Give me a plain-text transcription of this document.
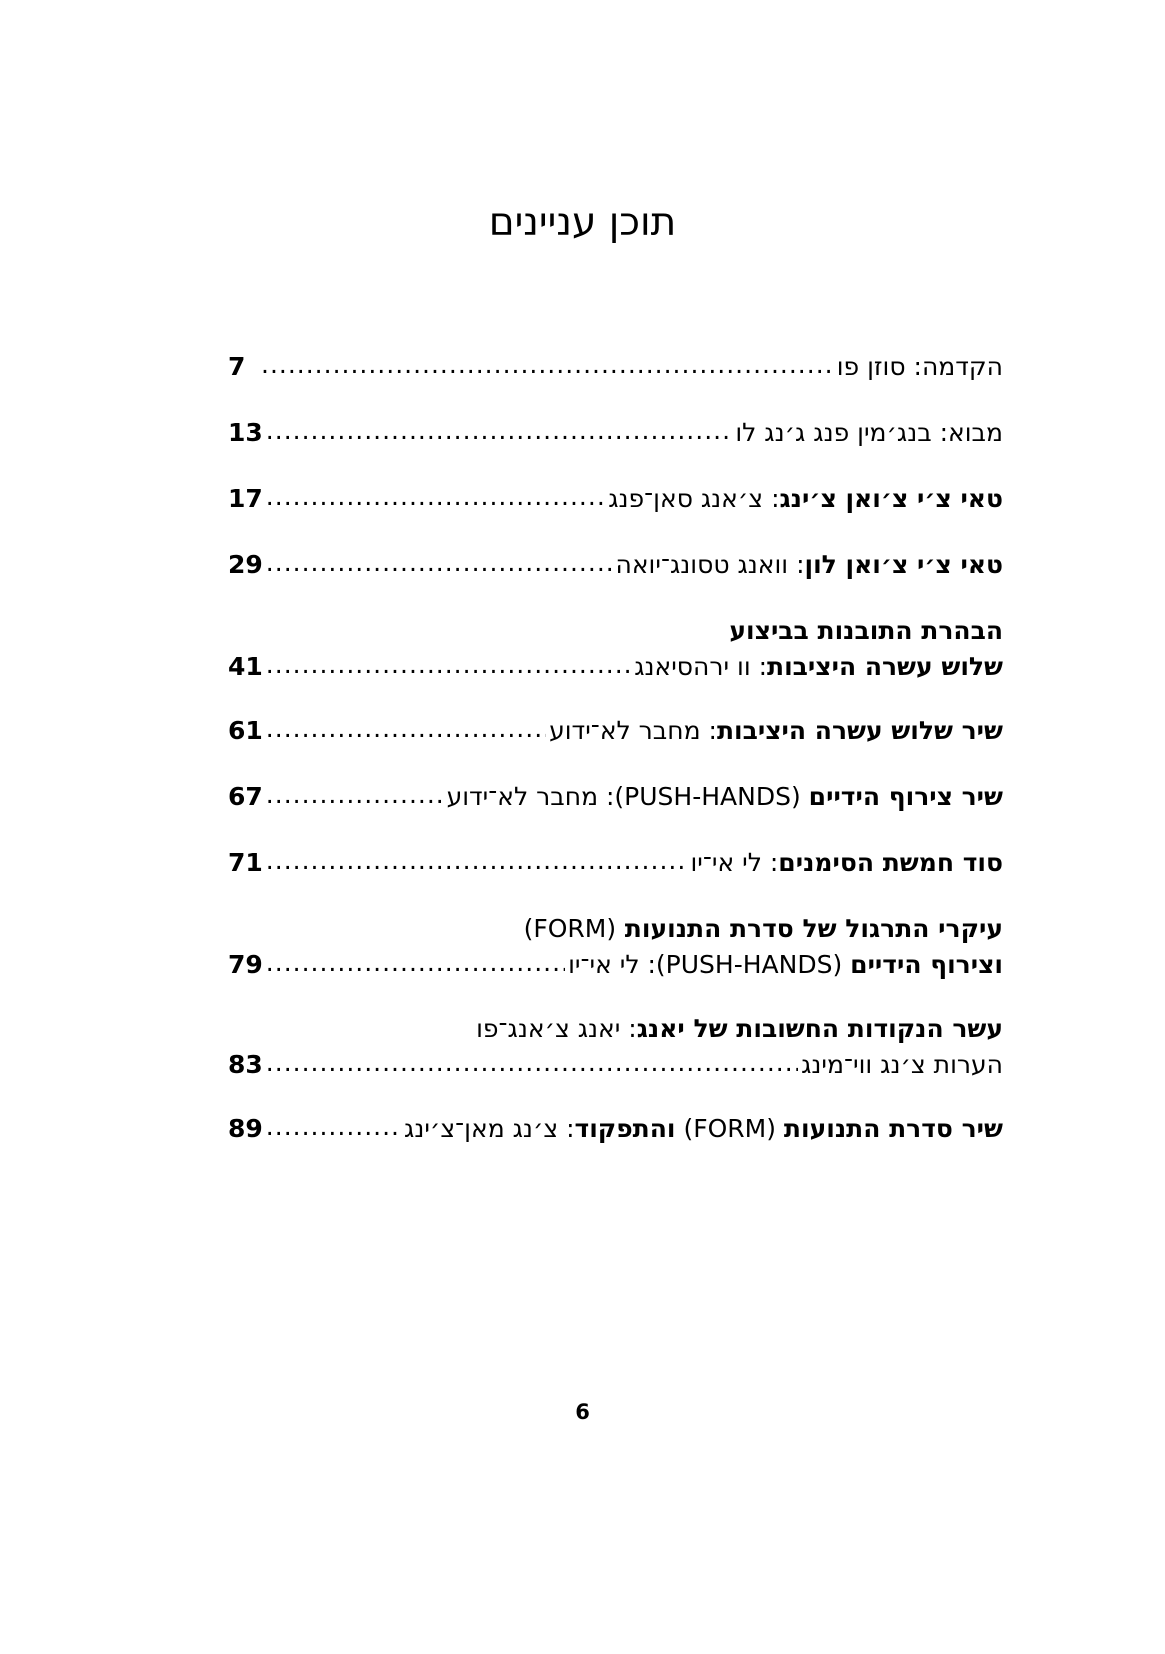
תוכן עניינים
הקדמה: סוזן פו
.....
7
מבוא: בנג׳מין פנג ג׳נג לו
.....
13
טאי צ׳י צ׳ואן צ׳ינג: צ׳אנג סאן־פנג
.....
17
טאי צ׳י צ׳ואן לון: וואנג טסונג־יואה
.....
29
הבהרת התובנות בביצוע
שלוש עשרה היציבות: וו ירהסיאנג
.....
41
שיר שלוש עשרה היציבות: מחבר לא־ידוע
.....
61
שיר צירוף הידיים (PUSH-HANDS): מחבר לא־ידוע
.....
67
סוד חמשת הסימנים: לי אי־יו
.....
71
עיקרי התרגול של סדרת התנועות (FORM)
וצירוף הידיים (PUSH-HANDS): לי אי־יו
.....
79
עשר הנקודות החשובות של יאנג: יאנג צ׳אנג־פו
הערות צ׳נג ווי־מינג
.....
83
שיר סדרת התנועות (FORM) והתפקוד: צ׳נג מאן־צ׳ינג
.....
89
6
